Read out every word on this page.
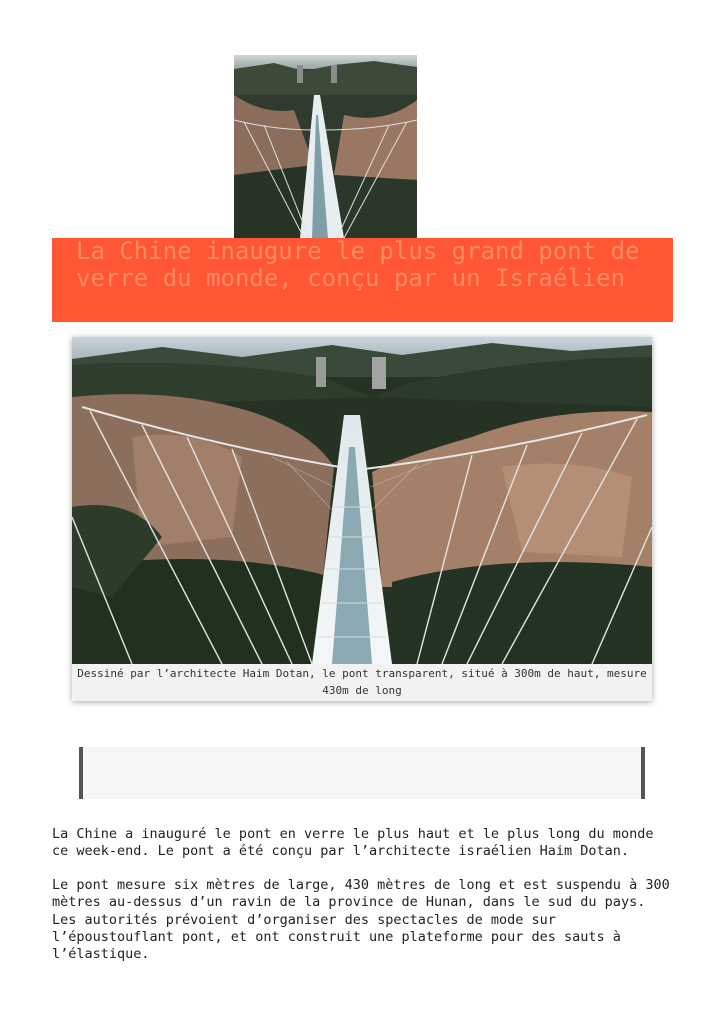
La Chine inaugure le plus grand pont de verre du monde, conçu par un Israélien
Dessiné par l’architecte Haim Dotan, le pont transparent, situé à 300m de haut, mesure 430m de long

La Chine a inauguré le pont en verre le plus haut et le plus long du monde ce week-end. Le pont a été conçu par l’architecte israélien Haim Dotan.

Le pont mesure six mètres de large, 430 mètres de long et est suspendu à 300 mètres au-dessus d’un ravin de la province de Hunan, dans le sud du pays. Les autorités prévoient d’organiser des spectacles de mode sur l’époustouflant pont, et ont construit une plateforme pour des sauts à l’élastique.
